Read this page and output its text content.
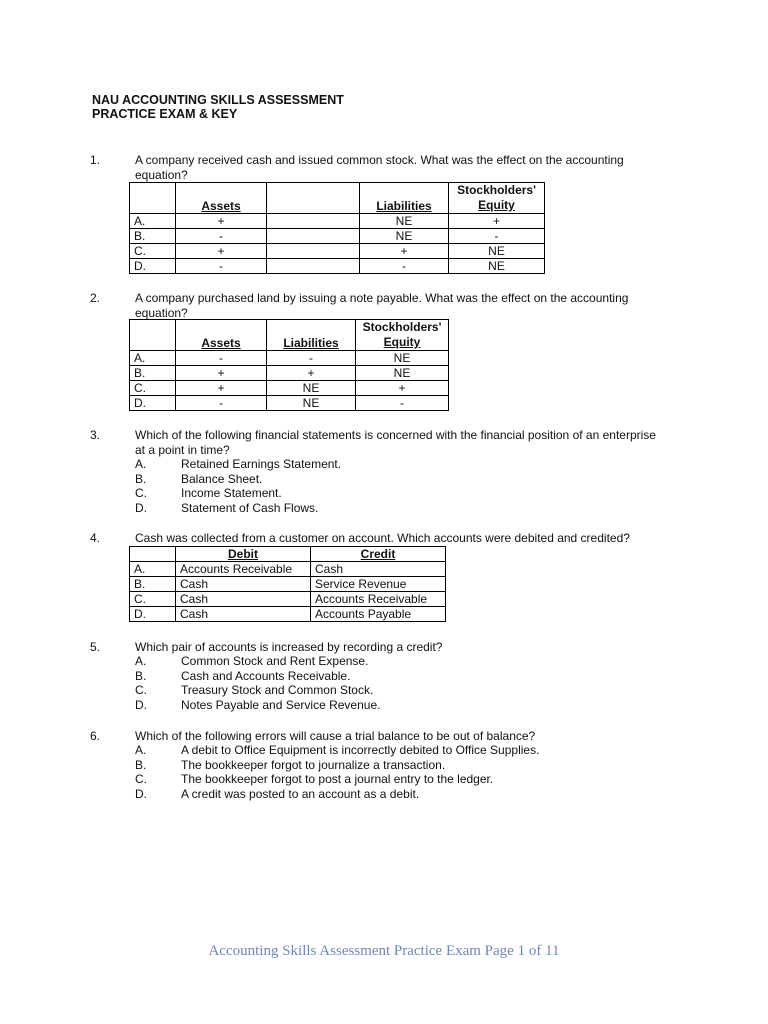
NAU ACCOUNTING SKILLS ASSESSMENT
PRACTICE EXAM & KEY
1.	A company received cash and issued common stock. What was the effect on the accounting equation?
	Assets		Liabilities	Stockholders'
Equity
A.	+		NE	+
B.	-		NE	-
C.	+		+	NE
D.	-		-	NE
2.	A company purchased land by issuing a note payable. What was the effect on the accounting equation?
	Assets	Liabilities	Stockholders'
Equity
A.	-	-	NE
B.	+	+	NE
C.	+	NE	+
D.	-	NE	-
3.	Which of the following financial statements is concerned with the financial position of an enterprise at a point in time?
A.	Retained Earnings Statement.
B.	Balance Sheet.
C.	Income Statement.
D.	Statement of Cash Flows.
4.	Cash was collected from a customer on account. Which accounts were debited and credited?
	Debit	Credit
A.	Accounts Receivable	Cash
B.	Cash	Service Revenue
C.	Cash	Accounts Receivable
D.	Cash	Accounts Payable
5.	Which pair of accounts is increased by recording a credit?
A.	Common Stock and Rent Expense.
B.	Cash and Accounts Receivable.
C.	Treasury Stock and Common Stock.
D.	Notes Payable and Service Revenue.
6.	Which of the following errors will cause a trial balance to be out of balance?
A.	A debit to Office Equipment is incorrectly debited to Office Supplies.
B.	The bookkeeper forgot to journalize a transaction.
C.	The bookkeeper forgot to post a journal entry to the ledger.
D.	A credit was posted to an account as a debit.
Accounting Skills Assessment Practice Exam Page 1 of 11
